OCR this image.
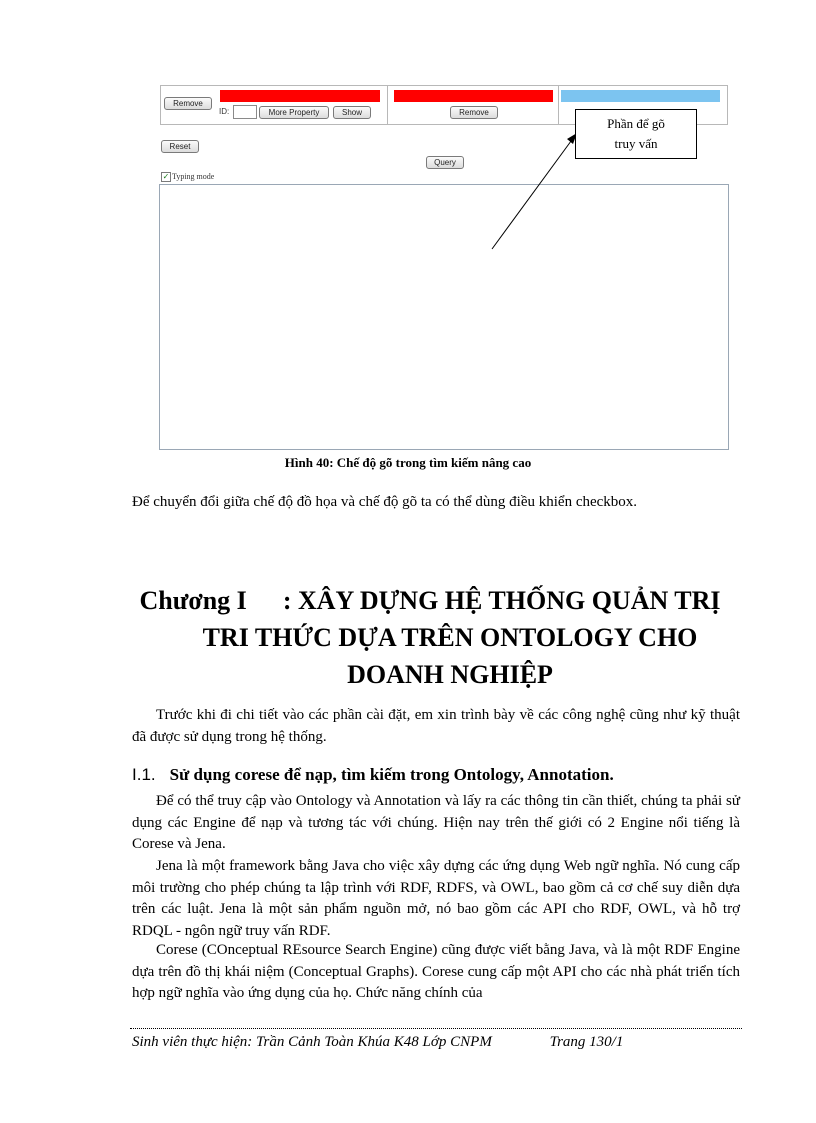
Remove
ID:	More Property	Show	Remove
Reset
Query
✓ Typing mode
Phần để gõ
truy vấn
Hình 40: Chế độ gõ trong tìm kiếm nâng cao
Để chuyển đổi giữa chế độ đồ họa và chế độ gõ ta có thể dùng điều khiển checkbox.
Chương I : XÂY DỰNG HỆ THỐNG QUẢN TRỊ
TRI THỨC DỰA TRÊN ONTOLOGY CHO
DOANH NGHIỆP
Trước khi đi chi tiết vào các phần cài đặt, em xin trình bày về các công nghệ cũng như kỹ thuật đã được sử dụng trong hệ thống.
I.1. Sử dụng corese để nạp, tìm kiếm trong Ontology, Annotation.
Để có thể truy cập vào Ontology và Annotation và lấy ra các thông tin cần thiết, chúng ta phải sử dụng các Engine để nạp và tương tác với chúng. Hiện nay trên thế giới có 2 Engine nổi tiếng là Corese và Jena.
Jena là một framework bằng Java cho việc xây dựng các ứng dụng Web ngữ nghĩa. Nó cung cấp môi trường cho phép chúng ta lập trình với RDF, RDFS, và OWL, bao gồm cả cơ chế suy diễn dựa trên các luật. Jena là một sản phẩm nguồn mở, nó bao gồm các API cho RDF, OWL, và hỗ trợ RDQL - ngôn ngữ truy vấn RDF.
Corese (COnceptual REsource Search Engine) cũng được viết bằng Java, và là một RDF Engine dựa trên đồ thị khái niệm (Conceptual Graphs). Corese cung cấp một API cho các nhà phát triển tích hợp ngữ nghĩa vào ứng dụng của họ. Chức năng chính của
Sinh viên thực hiện: Trần Cảnh Toàn Khúa K48 Lớp CNPM	Trang 130/1
